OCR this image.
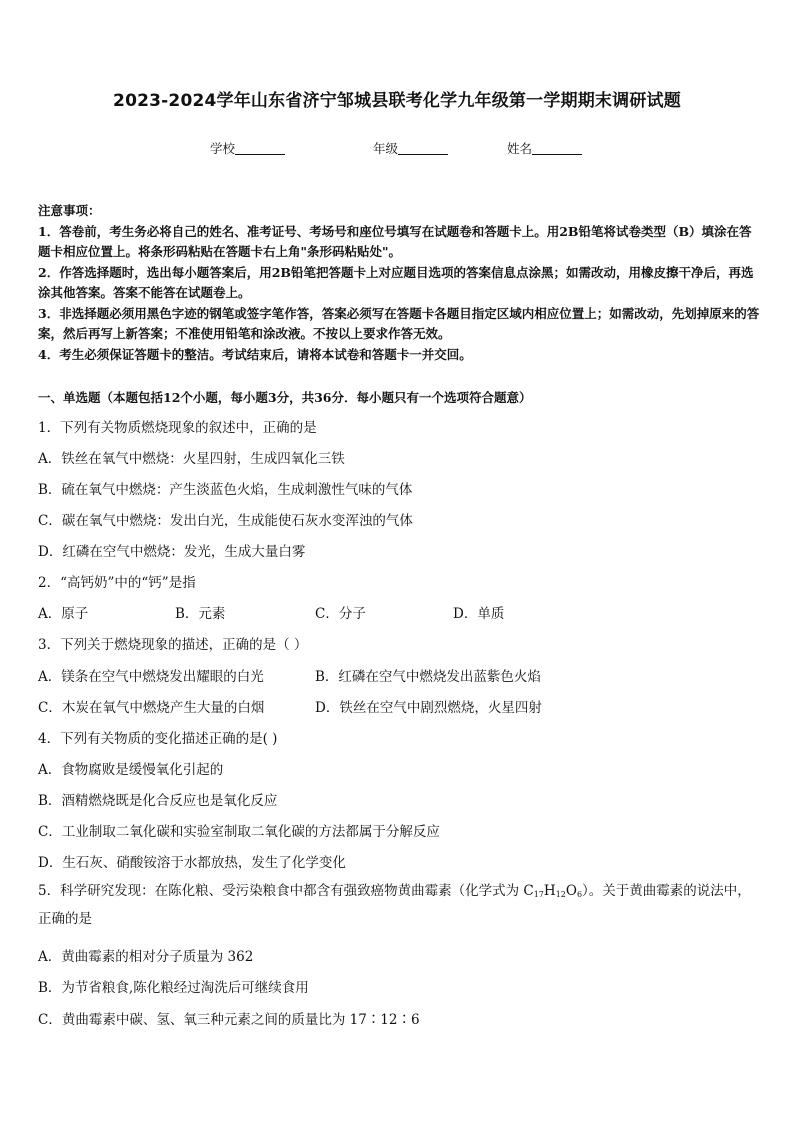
2023-2024学年山东省济宁邹城县联考化学九年级第一学期期末调研试题
学校	年级	姓名

注意事项：

1．答卷前，考生务必将自己的姓名、准考证号、考场号和座位号填写在试题卷和答题卡上。用2B铅笔将试卷类型（B）填涂在答题卡相应位置上。将条形码粘贴在答题卡右上角"条形码粘贴处"。

2．作答选择题时，选出每小题答案后，用2B铅笔把答题卡上对应题目选项的答案信息点涂黑；如需改动，用橡皮擦干净后，再选涂其他答案。答案不能答在试题卷上。

3．非选择题必须用黑色字迹的钢笔或签字笔作答，答案必须写在答题卡各题目指定区域内相应位置上；如需改动，先划掉原来的答案，然后再写上新答案；不准使用铅笔和涂改液。不按以上要求作答无效。

4．考生必须保证答题卡的整洁。考试结束后，请将本试卷和答题卡一并交回。

一、单选题（本题包括12个小题，每小题3分，共36分．每小题只有一个选项符合题意）
1．下列有关物质燃烧现象的叙述中，正确的是
A．铁丝在氧气中燃烧：火星四射，生成四氧化三铁
B．硫在氧气中燃烧：产生淡蓝色火焰，生成刺激性气味的气体
C．碳在氧气中燃烧：发出白光，生成能使石灰水变浑浊的气体
D．红磷在空气中燃烧：发光，生成大量白雾
2．“高钙奶”中的“钙”是指
A．原子	B．元素	C．分子	D．单质
3．下列关于燃烧现象的描述，正确的是（ ）
A．镁条在空气中燃烧发出耀眼的白光	B．红磷在空气中燃烧发出蓝紫色火焰
C．木炭在氧气中燃烧产生大量的白烟	D．铁丝在空气中剧烈燃烧，火星四射
4．下列有关物质的变化描述正确的是( )
A．食物腐败是缓慢氧化引起的
B．酒精燃烧既是化合反应也是氧化反应
C．工业制取二氧化碳和实验室制取二氧化碳的方法都属于分解反应
D．生石灰、硝酸铵溶于水都放热，发生了化学变化
5．科学研究发现：在陈化粮、受污染粮食中都含有强致癌物黄曲霉素（化学式为 $C_{17}H_{12}O_6$）。关于黄曲霉素的说法中，正确的是
A．黄曲霉素的相对分子质量为 362
B．为节省粮食,陈化粮经过淘洗后可继续食用
C．黄曲霉素中碳、氢、氧三种元素之间的质量比为 17∶12∶6
